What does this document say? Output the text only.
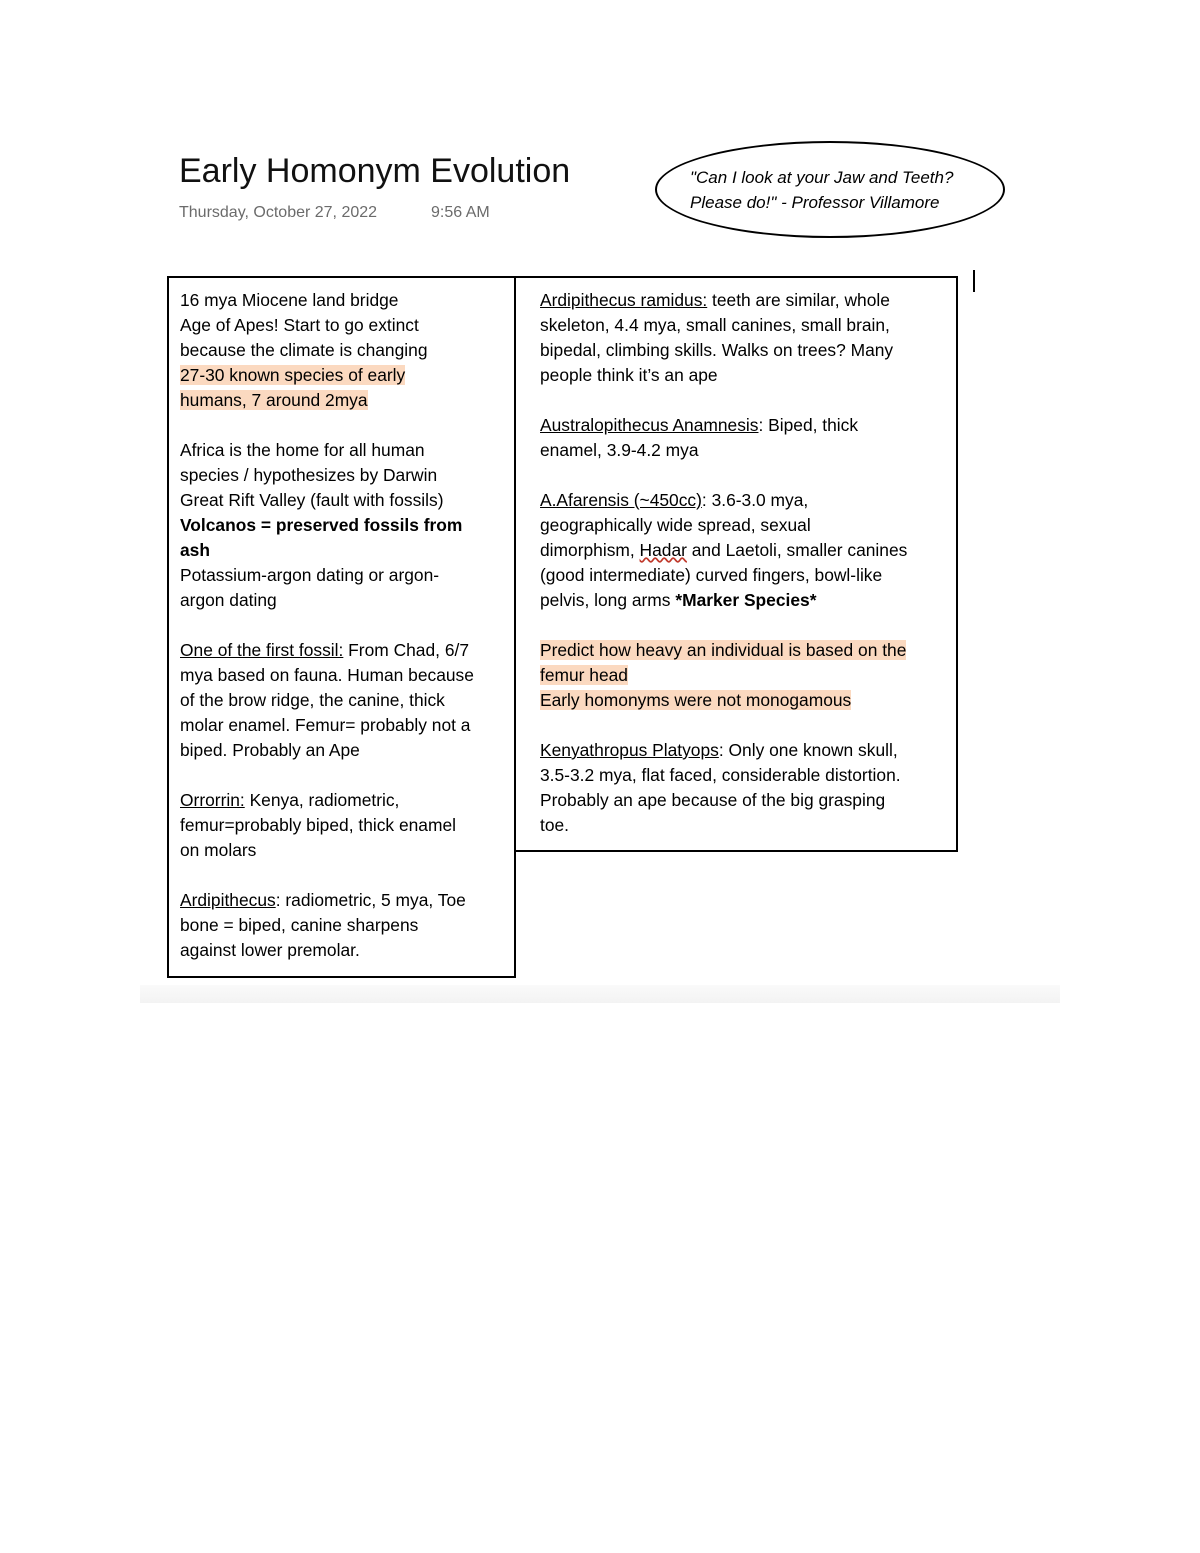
Early Homonym Evolution
Thursday, October 27, 2022	9:56 AM
"Can I look at your Jaw and Teeth?
Please do!" - Professor Villamore
16 mya Miocene land bridge
Age of Apes! Start to go extinct
because the climate is changing
27-30 known species of early
humans, 7 around 2mya
Africa is the home for all human
species / hypothesizes by Darwin
Great Rift Valley (fault with fossils)
Volcanos = preserved fossils from
ash
Potassium-argon dating or argon-
argon dating
One of the first fossil: From Chad, 6/7
mya based on fauna. Human because
of the brow ridge, the canine, thick
molar enamel. Femur= probably not a
biped. Probably an Ape
Orrorrin: Kenya, radiometric,
femur=probably biped, thick enamel
on molars
Ardipithecus: radiometric, 5 mya, Toe
bone = biped, canine sharpens
against lower premolar.
Ardipithecus ramidus: teeth are similar, whole
skeleton, 4.4 mya, small canines, small brain,
bipedal, climbing skills. Walks on trees? Many
people think it’s an ape
Australopithecus Anamnesis: Biped, thick
enamel, 3.9-4.2 mya
A.Afarensis (~450cc): 3.6-3.0 mya,
geographically wide spread, sexual
dimorphism, Hadar and Laetoli, smaller canines
(good intermediate) curved fingers, bowl-like
pelvis, long arms *Marker Species*
Predict how heavy an individual is based on the
femur head
Early homonyms were not monogamous
Kenyathropus Platyops: Only one known skull,
3.5-3.2 mya, flat faced, considerable distortion.
Probably an ape because of the big grasping
toe.
